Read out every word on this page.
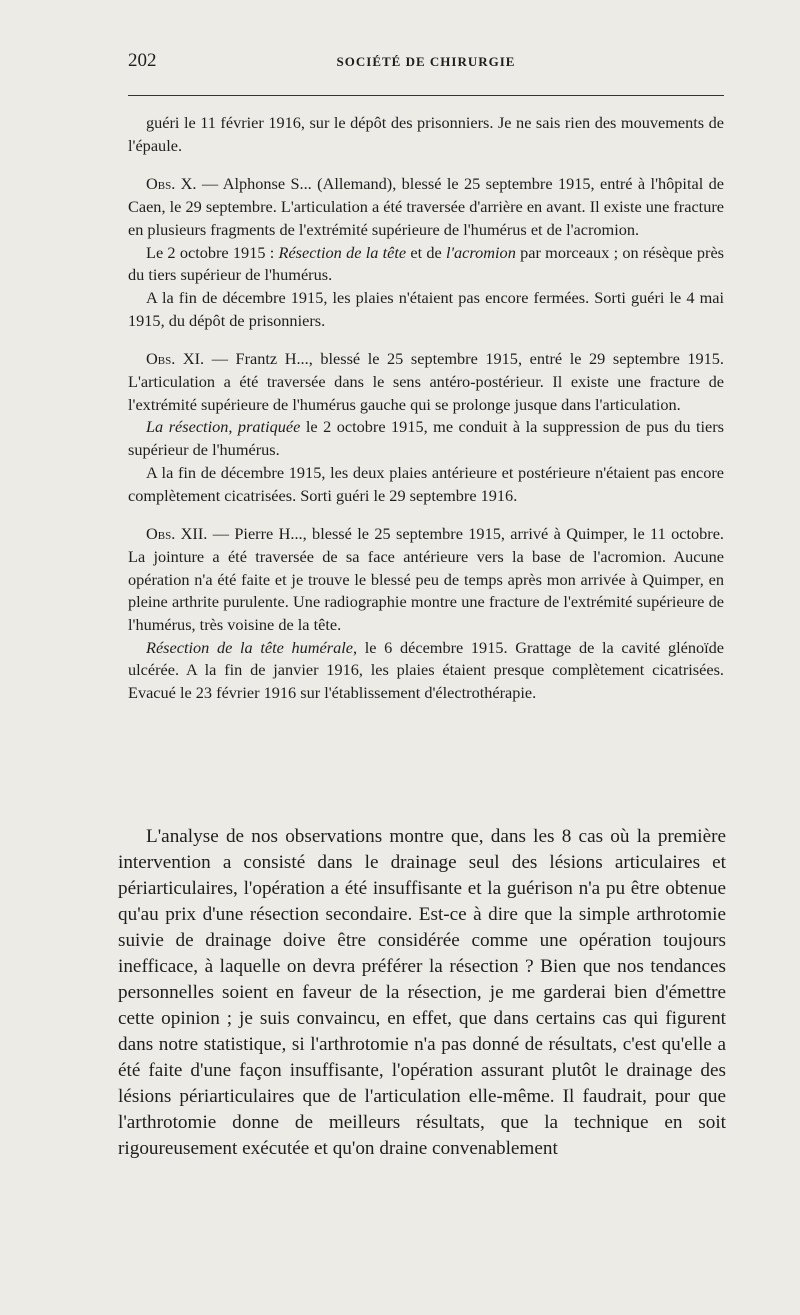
202	SOCIÉTÉ DE CHIRURGIE

guéri le 11 février 1916, sur le dépôt des prisonniers. Je ne sais rien des mouvements de l'épaule.

Obs. X. — Alphonse S... (Allemand), blessé le 25 septembre 1915, entré à l'hôpital de Caen, le 29 septembre. L'articulation a été traversée d'arrière en avant. Il existe une fracture en plusieurs fragments de l'extrémité supérieure de l'humérus et de l'acromion.

Le 2 octobre 1915 : Résection de la tête et de l'acromion par morceaux ; on résèque près du tiers supérieur de l'humérus.

A la fin de décembre 1915, les plaies n'étaient pas encore fermées. Sorti guéri le 4 mai 1915, du dépôt de prisonniers.

Obs. XI. — Frantz H..., blessé le 25 septembre 1915, entré le 29 septembre 1915. L'articulation a été traversée dans le sens antéro-postérieur. Il existe une fracture de l'extrémité supérieure de l'humérus gauche qui se prolonge jusque dans l'articulation.

La résection, pratiquée le 2 octobre 1915, me conduit à la suppression de pus du tiers supérieur de l'humérus.

A la fin de décembre 1915, les deux plaies antérieure et postérieure n'étaient pas encore complètement cicatrisées. Sorti guéri le 29 septembre 1916.

Obs. XII. — Pierre H..., blessé le 25 septembre 1915, arrivé à Quimper, le 11 octobre. La jointure a été traversée de sa face antérieure vers la base de l'acromion. Aucune opération n'a été faite et je trouve le blessé peu de temps après mon arrivée à Quimper, en pleine arthrite purulente. Une radiographie montre une fracture de l'extrémité supérieure de l'humérus, très voisine de la tête.

Résection de la tête humérale, le 6 décembre 1915. Grattage de la cavité glénoïde ulcérée. A la fin de janvier 1916, les plaies étaient presque complètement cicatrisées. Evacué le 23 février 1916 sur l'établissement d'électrothérapie.

L'analyse de nos observations montre que, dans les 8 cas où la première intervention a consisté dans le drainage seul des lésions articulaires et périarticulaires, l'opération a été insuffisante et la guérison n'a pu être obtenue qu'au prix d'une résection secondaire. Est-ce à dire que la simple arthrotomie suivie de drainage doive être considérée comme une opération toujours inefficace, à laquelle on devra préférer la résection ? Bien que nos tendances personnelles soient en faveur de la résection, je me garderai bien d'émettre cette opinion ; je suis convaincu, en effet, que dans certains cas qui figurent dans notre statistique, si l'arthrotomie n'a pas donné de résultats, c'est qu'elle a été faite d'une façon insuffisante, l'opération assurant plutôt le drainage des lésions périarticulaires que de l'articulation elle-même. Il faudrait, pour que l'arthrotomie donne de meilleurs résultats, que la technique en soit rigoureusement exécutée et qu'on draine convenablement
